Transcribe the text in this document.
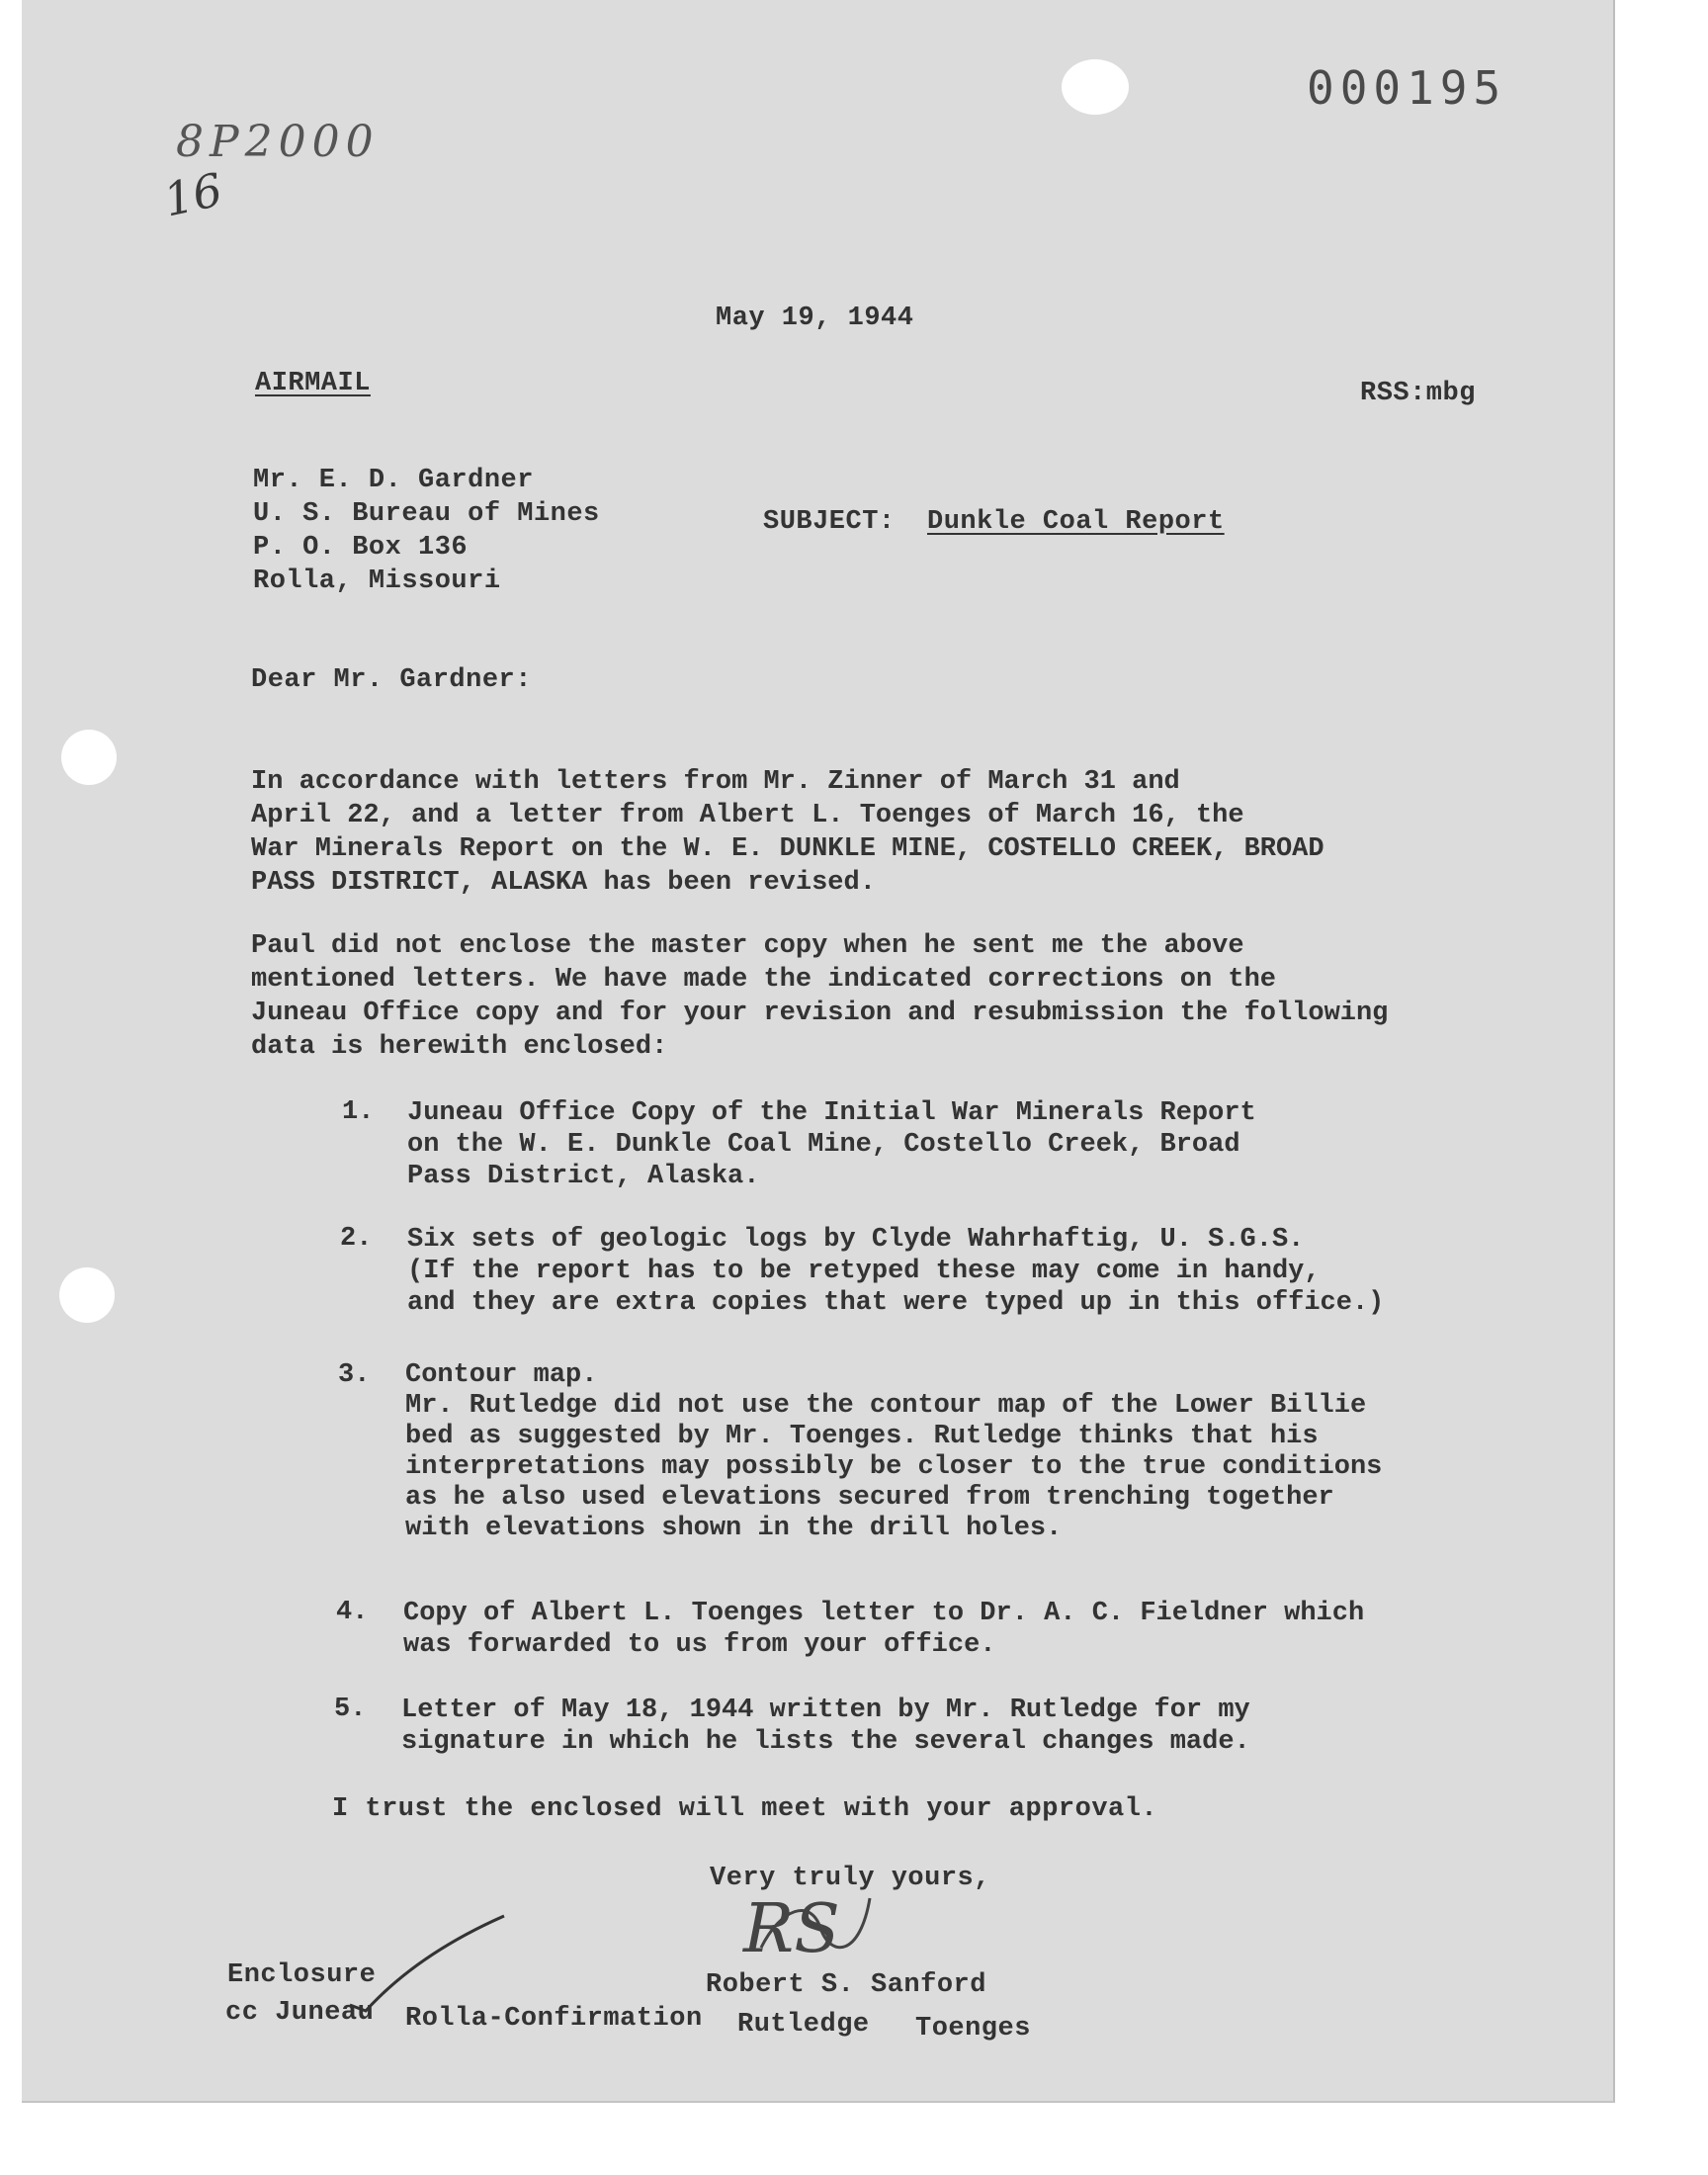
000195
8P2000
16
May 19, 1944
AIRMAIL	RSS:mbg
Mr. E. D. Gardner
U. S. Bureau of Mines
P. O. Box 136
Rolla, Missouri
SUBJECT: Dunkle Coal Report
Dear Mr. Gardner:
In accordance with letters from Mr. Zinner of March 31 and
April 22, and a letter from Albert L. Toenges of March 16, the
War Minerals Report on the W. E. DUNKLE MINE, COSTELLO CREEK, BROAD
PASS DISTRICT, ALASKA has been revised.
Paul did not enclose the master copy when he sent me the above
mentioned letters. We have made the indicated corrections on the
Juneau Office copy and for your revision and resubmission the following
data is herewith enclosed:
1. Juneau Office Copy of the Initial War Minerals Report
on the W. E. Dunkle Coal Mine, Costello Creek, Broad
Pass District, Alaska.
2. Six sets of geologic logs by Clyde Wahrhaftig, U. S.G.S.
(If the report has to be retyped these may come in handy,
and they are extra copies that were typed up in this office.)
3. Contour map.
Mr. Rutledge did not use the contour map of the Lower Billie
bed as suggested by Mr. Toenges. Rutledge thinks that his
interpretations may possibly be closer to the true conditions
as he also used elevations secured from trenching together
with elevations shown in the drill holes.
4. Copy of Albert L. Toenges letter to Dr. A. C. Fieldner which
was forwarded to us from your office.
5. Letter of May 18, 1944 written by Mr. Rutledge for my
signature in which he lists the several changes made.
I trust the enclosed will meet with your approval.
Very truly yours,
RS
Robert S. Sanford
Enclosure
cc Juneau Rolla-Confirmation Rutledge Toenges
